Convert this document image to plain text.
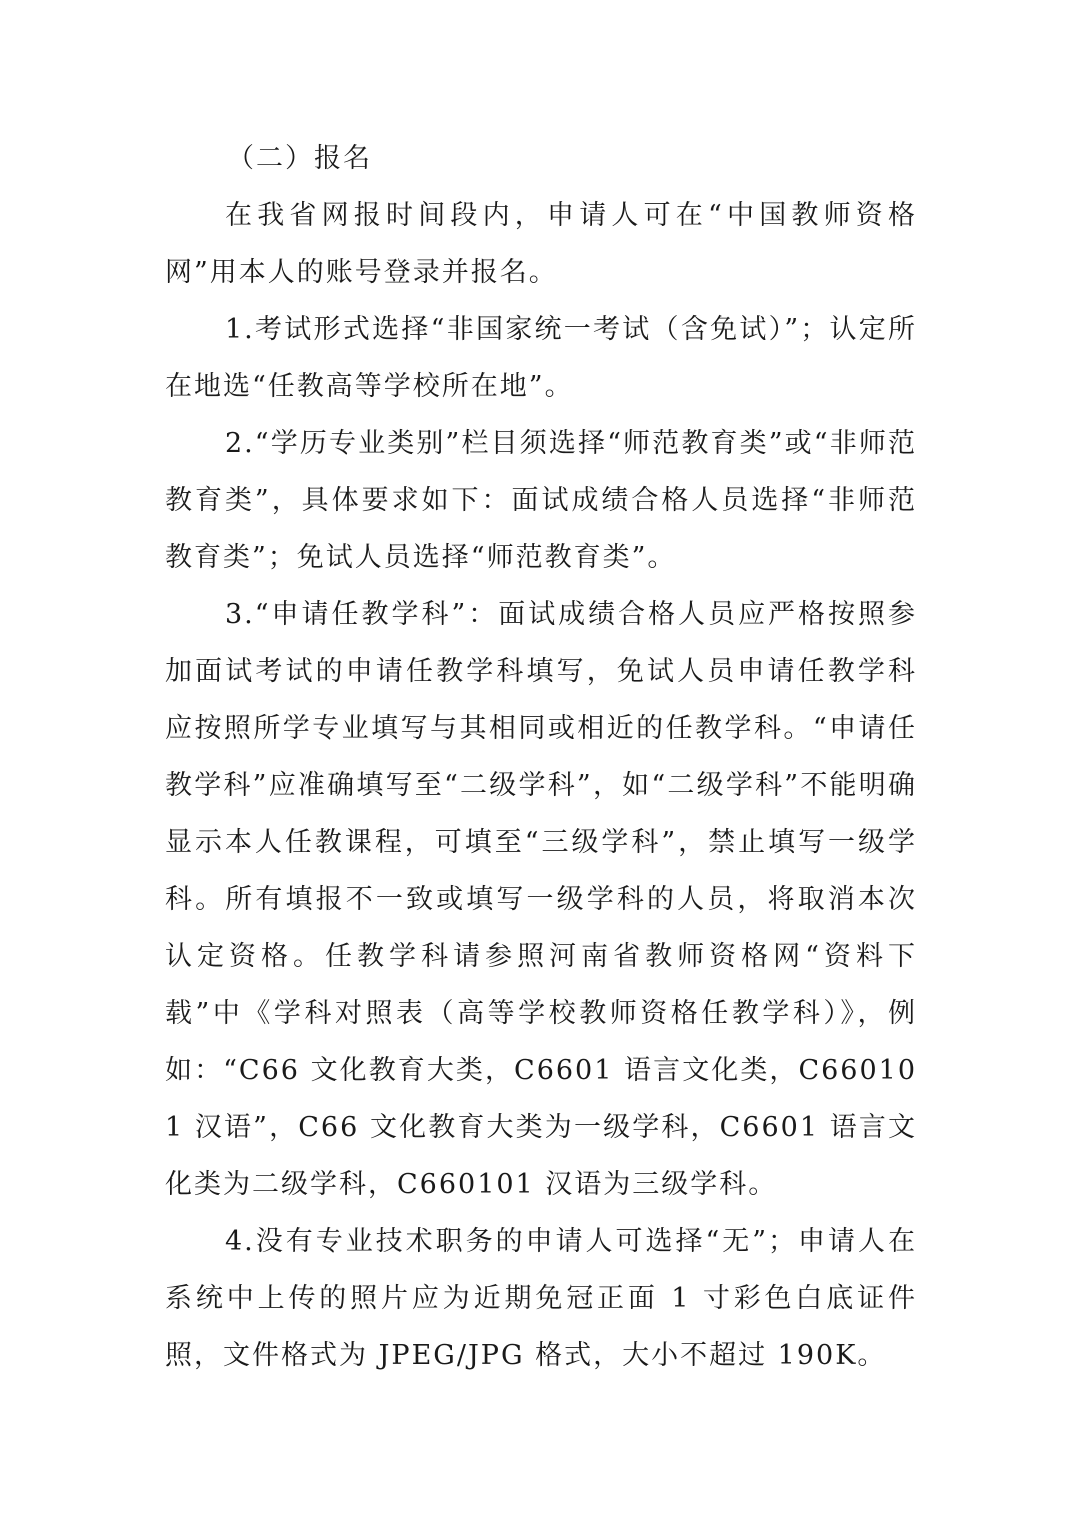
（二）报名

在我省网报时间段内，申请人可在“中国教师资格网”用本人的账号登录并报名。

1.考试形式选择“非国家统一考试（含免试）”；认定所在地选“任教高等学校所在地”。

2.“学历专业类别”栏目须选择“师范教育类”或“非师范教育类”，具体要求如下：面试成绩合格人员选择“非师范教育类”；免试人员选择“师范教育类”。

3.“申请任教学科”：面试成绩合格人员应严格按照参加面试考试的申请任教学科填写，免试人员申请任教学科应按照所学专业填写与其相同或相近的任教学科。“申请任教学科”应准确填写至“二级学科”，如“二级学科”不能明确显示本人任教课程，可填至“三级学科”，禁止填写一级学科。所有填报不一致或填写一级学科的人员，将取消本次认定资格。任教学科请参照河南省教师资格网“资料下载”中《学科对照表（高等学校教师资格任教学科）》，例如：“C66 文化教育大类，C6601 语言文化类，C660101 汉语”，C66 文化教育大类为一级学科，C6601 语言文化类为二级学科，C660101 汉语为三级学科。

4.没有专业技术职务的申请人可选择“无”；申请人在系统中上传的照片应为近期免冠正面 1 寸彩色白底证件照，文件格式为 JPEG/JPG 格式，大小不超过 190K。
